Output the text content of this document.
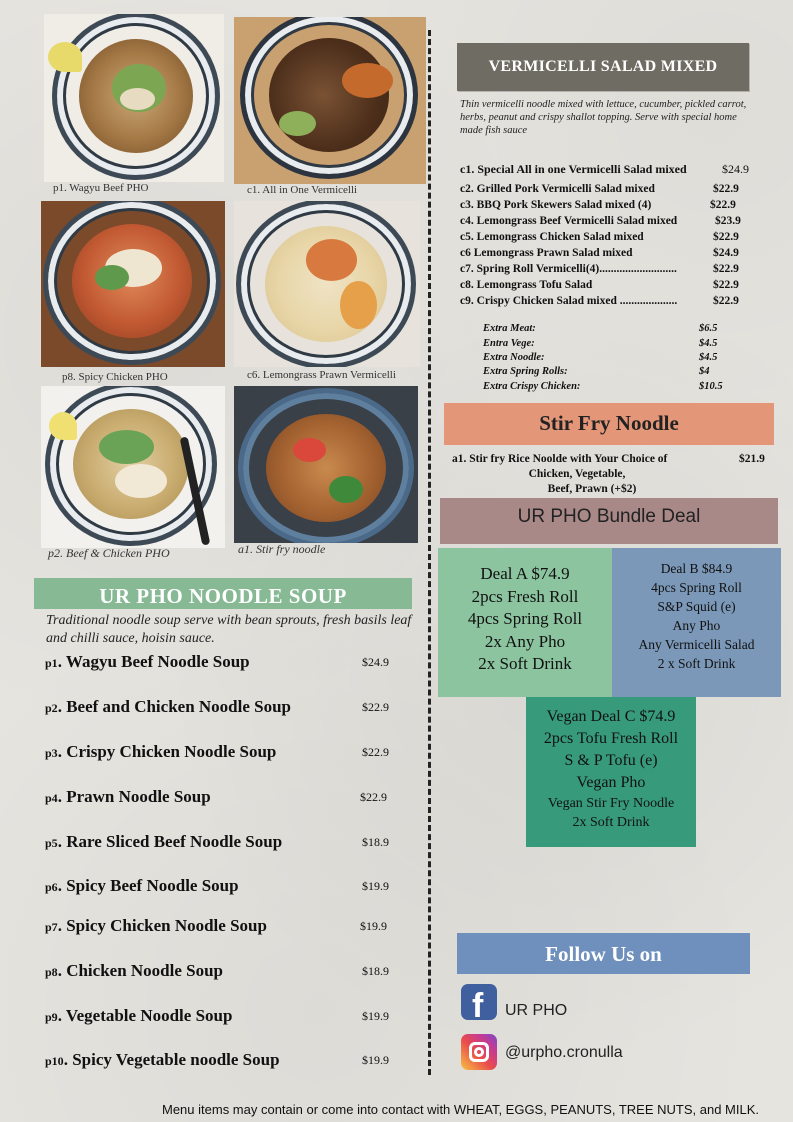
p1. Wagyu Beef PHO	c1. All in One Vermicelli
p8. Spicy Chicken PHO	c6. Lemongrass Prawn Vermicelli
p2. Beef & Chicken PHO	a1. Stir fry noodle
UR PHO NOODLE SOUP
Traditional noodle soup serve with bean sprouts, fresh basils leaf and chilli sauce, hoisin sauce.
p1. Wagyu Beef Noodle Soup	$24.9
p2. Beef and Chicken Noodle Soup	$22.9
p3. Crispy Chicken Noodle Soup	$22.9
p4. Prawn Noodle Soup	$22.9
p5. Rare Sliced Beef Noodle Soup	$18.9
p6. Spicy Beef Noodle Soup	$19.9
p7. Spicy Chicken Noodle Soup	$19.9
p8. Chicken Noodle Soup	$18.9
p9. Vegetable Noodle Soup	$19.9
p10. Spicy Vegetable noodle Soup	$19.9
VERMICELLI SALAD MIXED
Thin vermicelli noodle mixed with lettuce, cucumber, pickled carrot, herbs, peanut and crispy shallot topping. Serve with special home made fish sauce
c1. Special All in one Vermicelli Salad mixed	$24.9
c2. Grilled Pork Vermicelli Salad mixed	$22.9
c3. BBQ Pork Skewers Salad mixed (4)	$22.9
c4. Lemongrass Beef Vermicelli Salad mixed	$23.9
c5. Lemongrass Chicken Salad mixed	$22.9
c6 Lemongrass Prawn Salad mixed	$24.9
c7. Spring Roll Vermicelli(4)...........................	$22.9
c8. Lemongrass Tofu Salad	$22.9
c9. Crispy Chicken Salad mixed ....................	$22.9
Extra Meat:	$6.5
Entra Vege:	$4.5
Extra Noodle:	$4.5
Extra Spring Rolls:	$4
Extra Crispy Chicken:	$10.5
Stir Fry Noodle
a1. Stir fry Rice Noolde with Your Choice of	$21.9
Chicken, Vegetable,
Beef, Prawn (+$2)
UR PHO Bundle Deal
Deal A $74.9
2pcs Fresh Roll
4pcs Spring Roll
2x Any Pho
2x Soft Drink
Deal B $84.9
4pcs Spring Roll
S&P Squid (e)
Any Pho
Any Vermicelli Salad
2 x Soft Drink
Vegan Deal C $74.9
2pcs Tofu Fresh Roll
S & P Tofu (e)
Vegan Pho
Vegan Stir Fry Noodle
2x Soft Drink
Follow Us on
f UR PHO
@urpho.cronulla
Menu items may contain or come into contact with WHEAT, EGGS, PEANUTS, TREE NUTS, and MILK.
